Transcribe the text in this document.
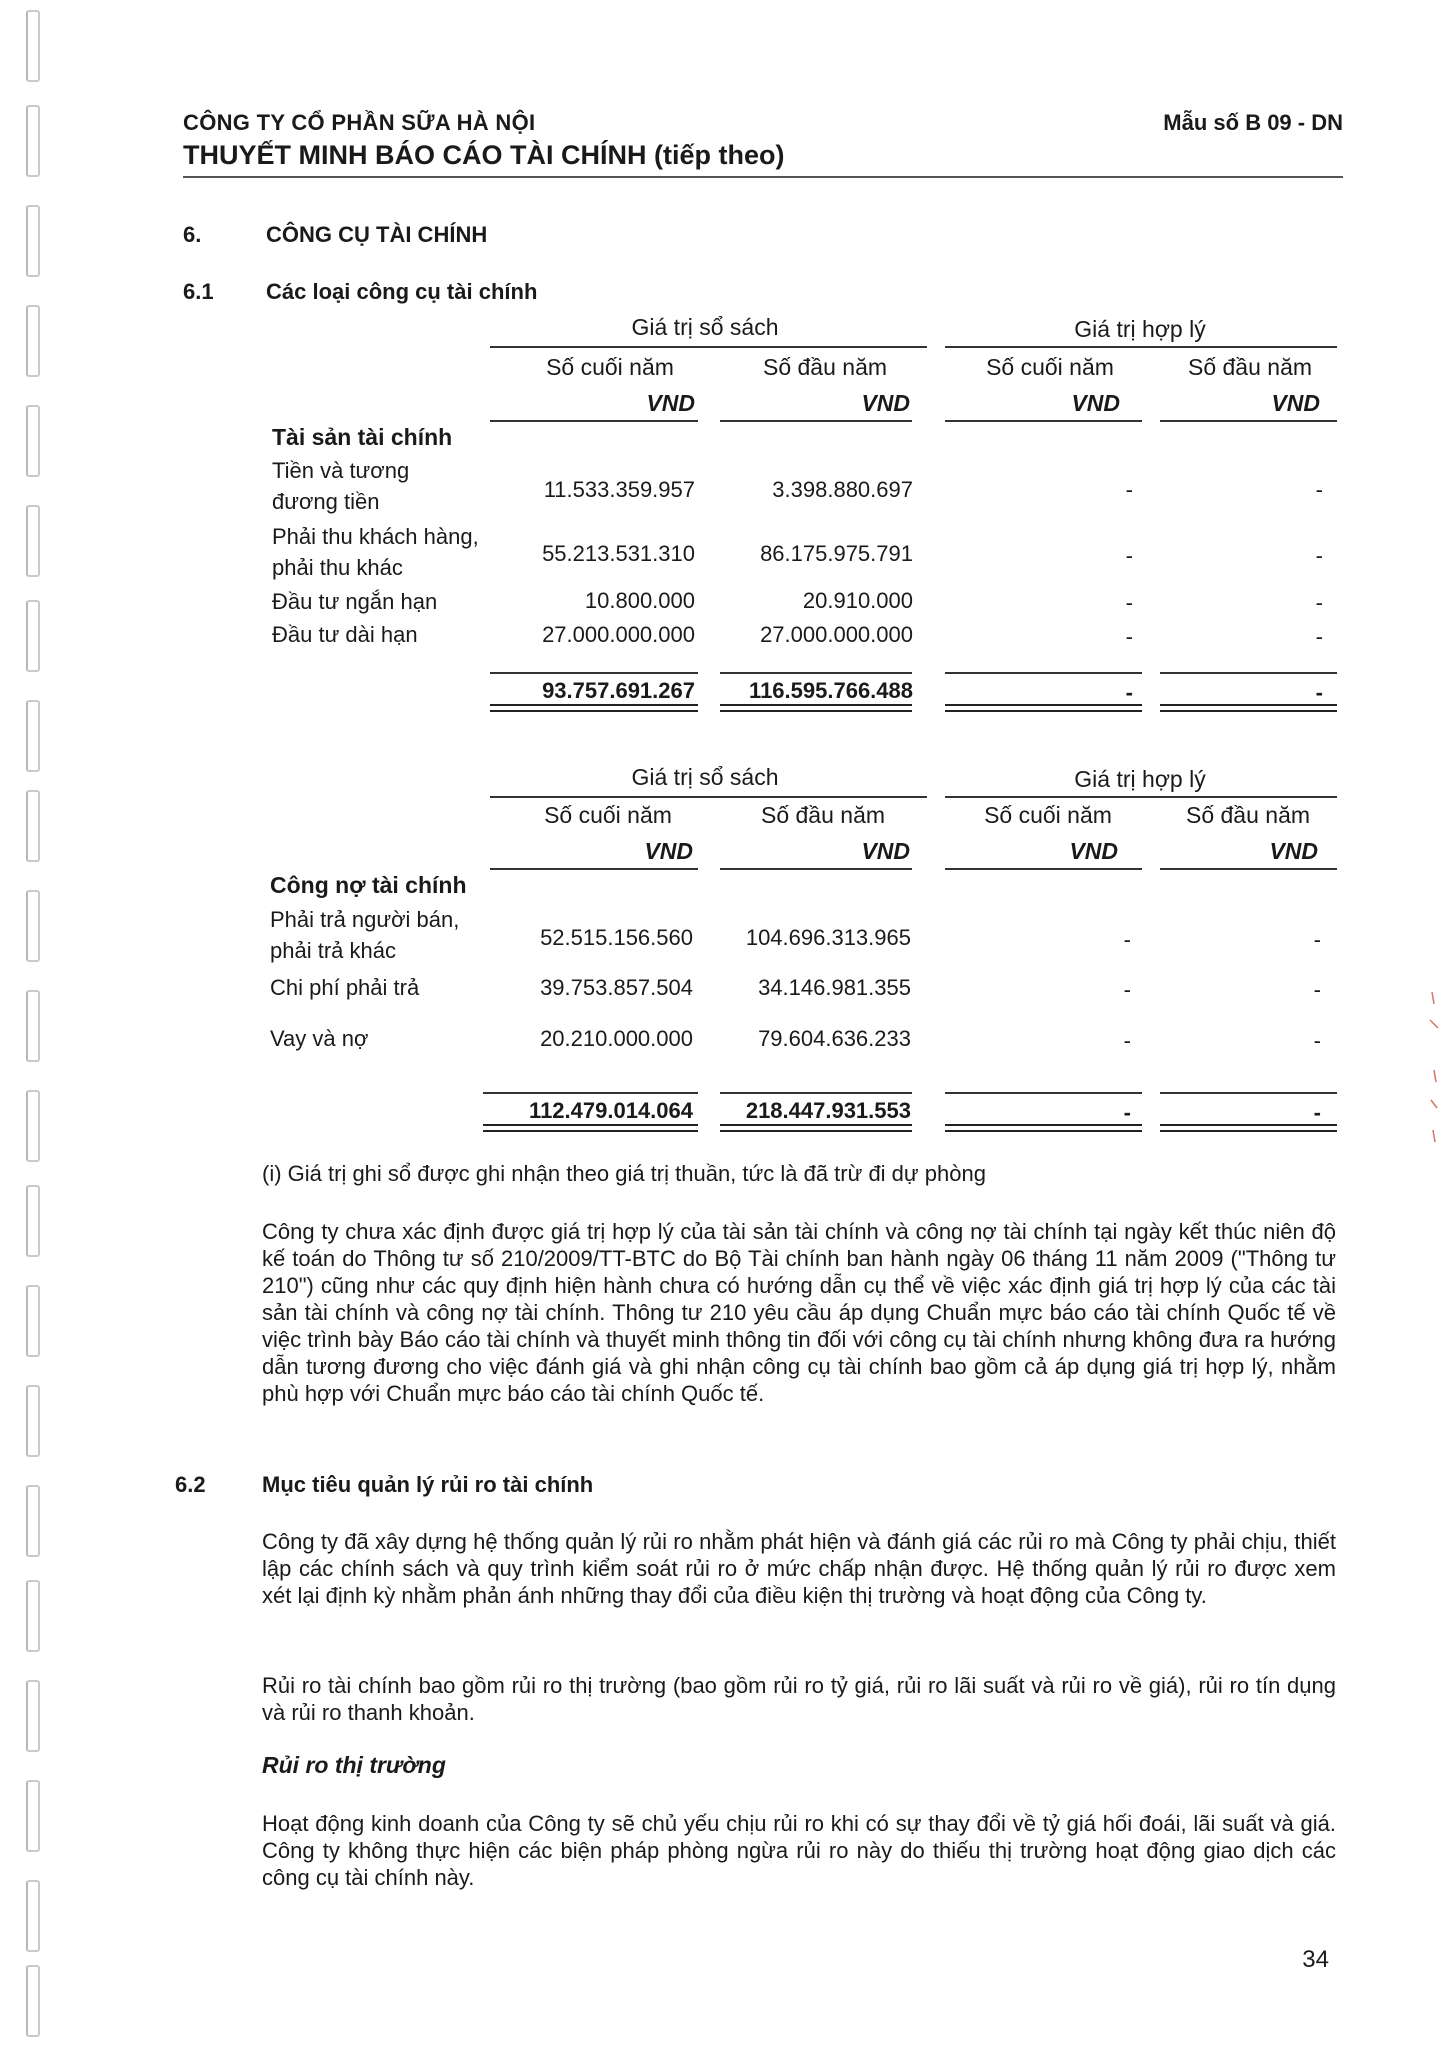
CÔNG TY CỔ PHẦN SỮA HÀ NỘI	Mẫu số B 09 - DN
THUYẾT MINH BÁO CÁO TÀI CHÍNH (tiếp theo)
6.	CÔNG CỤ TÀI CHÍNH
6.1 Các loại công cụ tài chính
Giá trị sổ sách	Giá trị hợp lý
Số cuối năm	Số đầu năm	Số cuối năm	Số đầu năm
VND	VND	VND	VND
Tài sản tài chính
Tiền và tương đương tiền	11.533.359.957	3.398.880.697	-	-
Phải thu khách hàng, phải thu khác
55.213.531.310	86.175.975.791	-	-
Đầu tư ngắn hạn	10.800.000	20.910.000	-	-
Đầu tư dài hạn	27.000.000.000	27.000.000.000	-	-
93.757.691.267	116.595.766.488	-	-
Giá trị sổ sách	Giá trị hợp lý
Số cuối năm	Số đầu năm	Số cuối năm	Số đầu năm
VND	VND	VND	VND
Công nợ tài chính
Phải trả người bán, phải trả khác
52.515.156.560	104.696.313.965	-	-
Chi phí phải trả	39.753.857.504	34.146.981.355	-	-
Vay và nợ	20.210.000.000	79.604.636.233	-	-
112.479.014.064	218.447.931.553	-	-
(i) Giá trị ghi sổ được ghi nhận theo giá trị thuần, tức là đã trừ đi dự phòng
Công ty chưa xác định được giá trị hợp lý của tài sản tài chính và công nợ tài chính tại ngày kết thúc niên độ kế toán do Thông tư số 210/2009/TT-BTC do Bộ Tài chính ban hành ngày 06 tháng 11 năm 2009 ("Thông tư 210") cũng như các quy định hiện hành chưa có hướng dẫn cụ thể về việc xác định giá trị hợp lý của các tài sản tài chính và công nợ tài chính. Thông tư 210 yêu cầu áp dụng Chuẩn mực báo cáo tài chính Quốc tế về việc trình bày Báo cáo tài chính và thuyết minh thông tin đối với công cụ tài chính nhưng không đưa ra hướng dẫn tương đương cho việc đánh giá và ghi nhận công cụ tài chính bao gồm cả áp dụng giá trị hợp lý, nhằm phù hợp với Chuẩn mực báo cáo tài chính Quốc tế.
6.2	Mục tiêu quản lý rủi ro tài chính
Công ty đã xây dựng hệ thống quản lý rủi ro nhằm phát hiện và đánh giá các rủi ro mà Công ty phải chịu, thiết lập các chính sách và quy trình kiểm soát rủi ro ở mức chấp nhận được. Hệ thống quản lý rủi ro được xem xét lại định kỳ nhằm phản ánh những thay đổi của điều kiện thị trường và hoạt động của Công ty.
Rủi ro tài chính bao gồm rủi ro thị trường (bao gồm rủi ro tỷ giá, rủi ro lãi suất và rủi ro về giá), rủi ro tín dụng và rủi ro thanh khoản.
Rủi ro thị trường
Hoạt động kinh doanh của Công ty sẽ chủ yếu chịu rủi ro khi có sự thay đổi về tỷ giá hối đoái, lãi suất và giá. Công ty không thực hiện các biện pháp phòng ngừa rủi ro này do thiếu thị trường hoạt động giao dịch các công cụ tài chính này.
34
